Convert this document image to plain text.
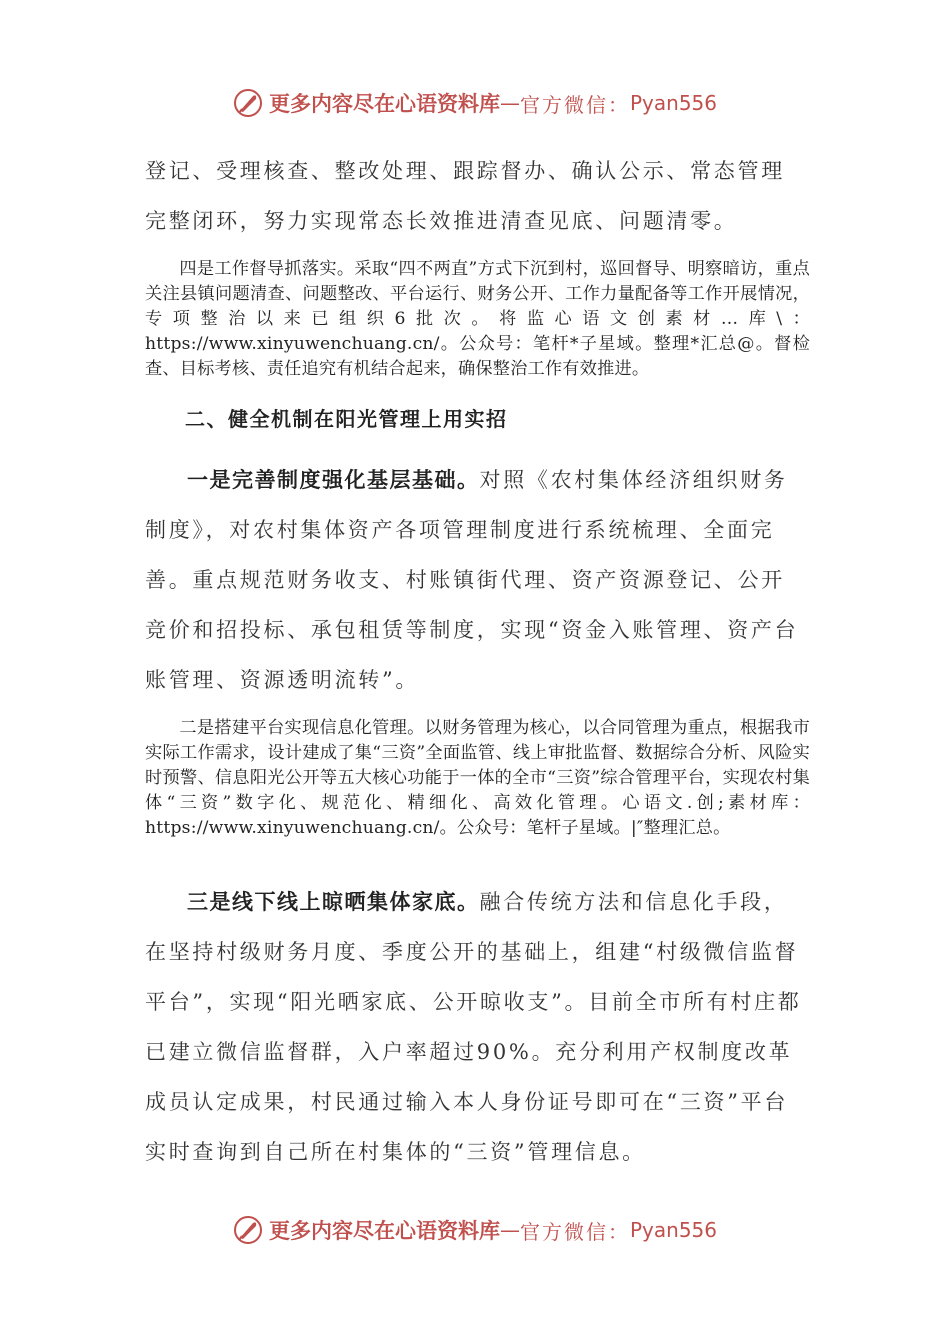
更多内容尽在心语资料库 — 官方微信： Pyan556

登记、受理核查、整改处理、跟踪督办、确认公示、常态管理完整闭环，努力实现常态长效推进清查见底、问题清零。

四是工作督导抓落实。采取“四不两直”方式下沉到村，巡回督导、明察暗访，重点关注县镇问题清查、问题整改、平台运行、财务公开、工作力量配备等工作开展情况，专项整治以来已组织6批次。将监心语文创素材…库\：https://www.xinyuwenchuang.cn/。公众号：笔杆*子星域。整理*汇总@。督检查、目标考核、责任追究有机结合起来，确保整治工作有效推进。

二、健全机制在阳光管理上用实招

一是完善制度强化基层基础。对照《农村集体经济组织财务制度》，对农村集体资产各项管理制度进行系统梳理、全面完善。重点规范财务收支、村账镇街代理、资产资源登记、公开竞价和招投标、承包租赁等制度，实现“资金入账管理、资产台账管理、资源透明流转”。

二是搭建平台实现信息化管理。以财务管理为核心，以合同管理为重点，根据我市实际工作需求，设计建成了集“三资”全面监管、线上审批监督、数据综合分析、风险实时预警、信息阳光公开等五大核心功能于一体的全市“三资”综合管理平台，实现农村集体“三资”数字化、规范化、精细化、高效化管理。心语文.创;素材库：https://www.xinyuwenchuang.cn/。公众号：笔杆子星域。|″整理汇总。

三是线下线上晾晒集体家底。融合传统方法和信息化手段，在坚持村级财务月度、季度公开的基础上，组建“村级微信监督平台”，实现“阳光晒家底、公开晾收支”。目前全市所有村庄都已建立微信监督群，入户率超过90%。充分利用产权制度改革成员认定成果，村民通过输入本人身份证号即可在“三资”平台实时查询到自己所在村集体的“三资”管理信息。

更多内容尽在心语资料库 — 官方微信： Pyan556
